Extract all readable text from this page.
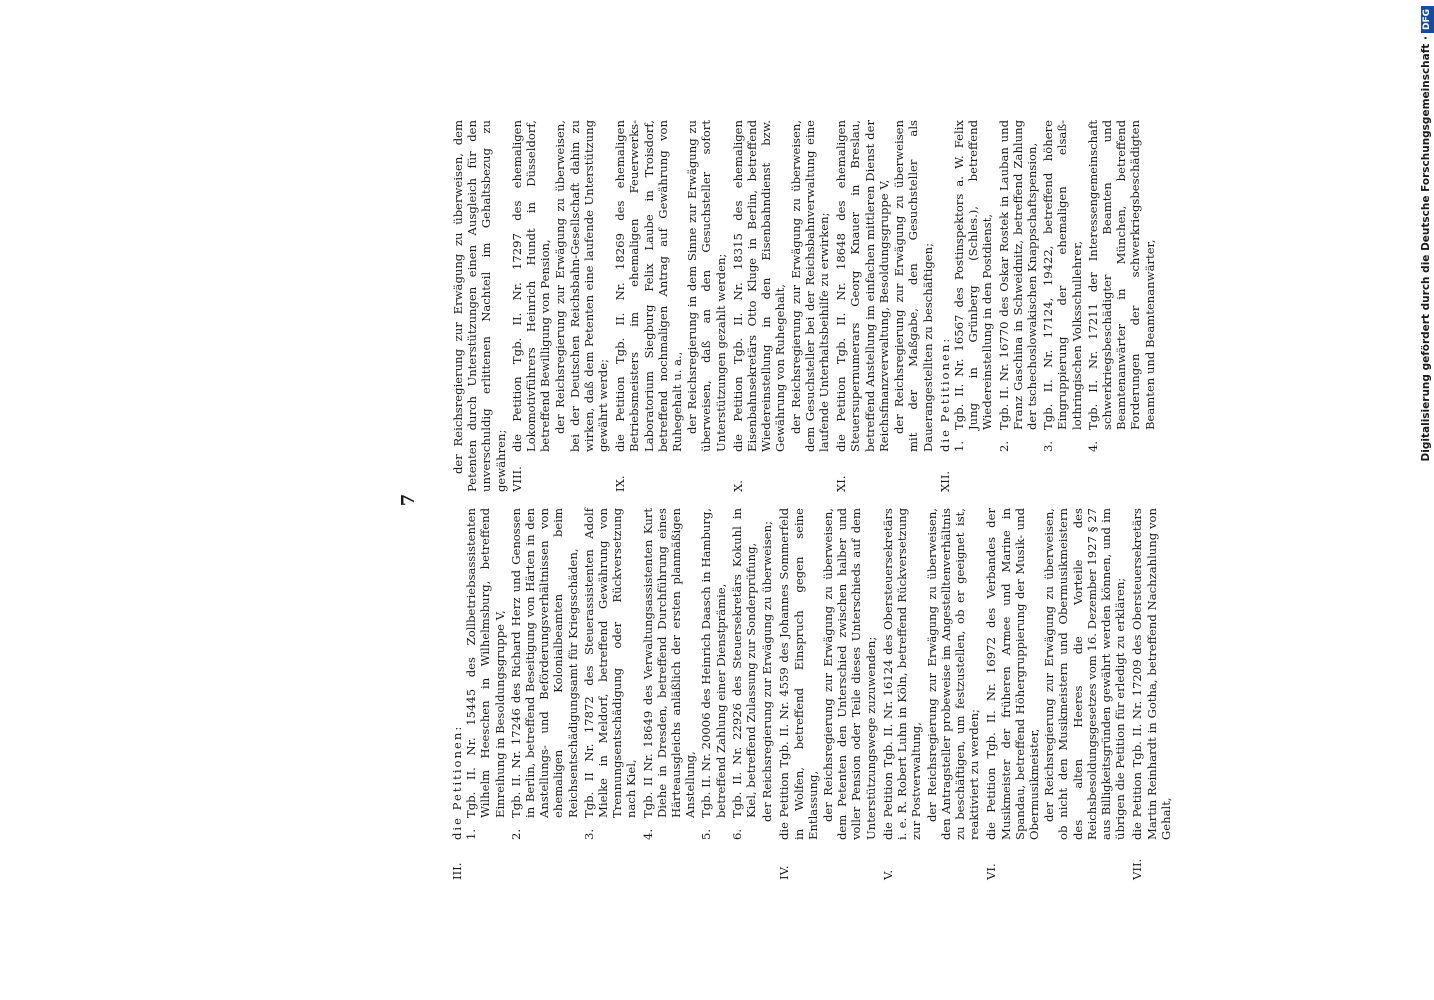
7
III.
die Petitionen: 1.
Tgb. II. Nr. 15445 des Zollbetriebsassistenten Wilhelm Heeschen in Wilhelmsburg, betreffend Einreihung in Besoldungsgruppe V,
2.
Tgb. II. Nr. 17246 des Richard Herz und Genossen in Berlin, betreffend Beseitigung von Härten in den Anstellungs- und Beförderungsverhältnissen von ehemaligen Kolonialbeamten beim Reichsentschädigungsamt für Kriegsschäden,
3.
Tgb. II Nr. 17872 des Steuerassistenten Adolf Mielke in Meldorf, betreffend Gewährung von Trennungsentschädigung oder Rückversetzung nach Kiel,
4.
Tgb. II Nr. 18649 des Verwaltungsassistenten Kurt Diehe in Dresden, betreffend Durchführung eines Härteausgleichs anläßlich der ersten planmäßigen Anstellung,
5.
Tgb. II. Nr. 20006 des Heinrich Daasch in Hamburg, betreffend Zahlung einer Dienstprämie,
6.
Tgb. II. Nr. 22926 des Steuersekretärs Kokuhl in Kiel, betreffend Zulassung zur Sonderprüfung, der Reichsregierung zur Erwägung zu überweisen;
IV.
die Petition Tgb. II. Nr. 4559 des Johannes Sommerfeld in Wolfen, betreffend Einspruch gegen seine Entlassung, der Reichsregierung zur Erwägung zu überweisen, dem Petenten den Unterschied zwischen halber und voller Pension oder Teile dieses Unterschieds auf dem Unterstützungswege zuzuwenden;
V.
die Petition Tgb. II. Nr. 16124 des Obersteuersekretärs i. e. R. Robert Luhn in Köln, betreffend Rückversetzung zur Postverwaltung, der Reichsregierung zur Erwägung zu überweisen, den Antragsteller probeweise im Angestelltenverhältnis zu beschäftigen, um festzustellen, ob er geeignet ist, reaktiviert zu werden;
VI.
die Petition Tgb. II. Nr. 16972 des Verbandes der Musikmeister der früheren Armee und Marine in Spandau, betreffend Höhergruppierung der Musik- und Obermusikmeister, der Reichsregierung zur Erwägung zu überweisen, ob nicht den Musikmeistern und Obermusikmeistern des alten Heeres die Vorteile des Reichsbesoldungsgesetzes vom 16. Dezember 1927 § 27 aus Billigkeitsgründen gewährt werden können, und im übrigen die Petition für erledigt zu erklären;
VII.
die Petition Tgb. II. Nr. 17209 des Obersteuersekretärs Martin Reinhardt in Gotha, betreffend Nachzahlung von Gehalt,
der Reichsregierung zur Erwägung zu überweisen, dem Petenten durch Unterstützungen einen Ausgleich für den unverschuldig erlittenen Nachteil im Gehaltsbezug zu gewähren; VIII.
die Petition Tgb. II. Nr. 17297 des ehemaligen Lokomotivführers Heinrich Hundt in Düsseldorf, betreffend Bewilligung von Pension, der Reichsregierung zur Erwägung zu überweisen, bei der Deutschen Reichsbahn-Gesellschaft dahin zu wirken, daß dem Petenten eine laufende Unterstützung gewährt werde;
IX.
die Petition Tgb. II. Nr. 18269 des ehemaligen Betriebsmeisters im ehemaligen Feuerwerks-Laboratorium Siegburg Felix Laube in Troisdorf, betreffend nochmaligen Antrag auf Gewährung von Ruhegehalt u. a., der Reichsregierung in dem Sinne zur Erwägung zu überweisen, daß an den Gesuchsteller sofort Unterstützungen gezahlt werden;
X.
die Petition Tgb. II. Nr. 18315 des ehemaligen Eisenbahnsekretärs Otto Kluge in Berlin, betreffend Wiedereinstellung in den Eisenbahndienst bzw. Gewährung von Ruhegehalt, der Reichsregierung zur Erwägung zu überweisen, dem Gesuchsteller bei der Reichsbahnverwaltung eine laufende Unterhaltsbeihilfe zu erwirken;
XI.
die Petition Tgb. II. Nr. 18648 des ehemaligen Steuersupernumerars Georg Knauer in Breslau, betreffend Anstellung im einfachen mittleren Dienst der Reichsfinanzverwaltung, Besoldungsgruppe V, der Reichsregierung zur Erwägung zu überweisen mit der Maßgabe, den Gesuchsteller als Dauerangestellten zu beschäftigen;
XII.
die Petitionen: 1.
Tgb. II. Nr. 16567 des Postinspektors a. W. Felix Jung in Grünberg (Schles.), betreffend Wiedereinstellung in den Postdienst,
2.
Tgb. II. Nr. 16770 des Oskar Rostek in Lauban und Franz Gaschina in Schweidnitz, betreffend Zahlung der tschechoslowakischen Knappschaftspension,
3.
Tgb. II. Nr. 17124, 19422, betreffend höhere Eingruppierung der ehemaligen elsaß-lothringischen Volksschullehrer,
4.
Tgb. II. Nr. 17211 der Interessengemeinschaft schwerkriegsbeschädigter Beamten und Beamtenanwärter in München, betreffend Forderungen der schwerkriegsbeschädigten Beamten und Beamtenanwärter,	Digitalisierung gefördert durch die Deutsche Forschungsgemeinschaft ·DFG
